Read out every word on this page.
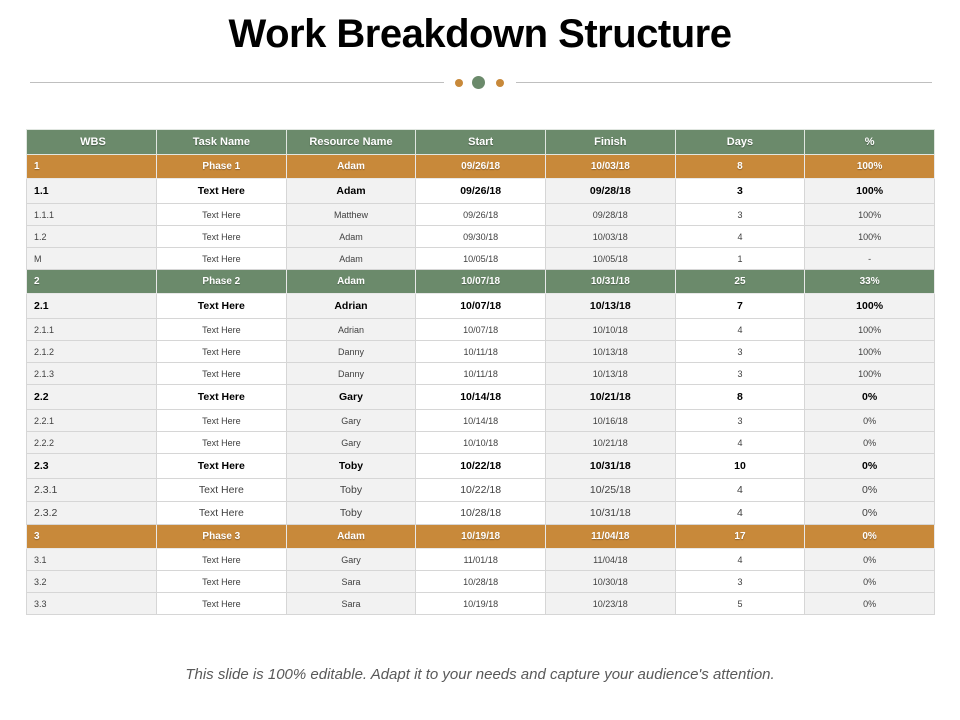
Work Breakdown Structure
WBS	Task Name	Resource Name	Start	Finish	Days	%
1	Phase 1	Adam	09/26/18	10/03/18	8	100%
1.1	Text Here	Adam	09/26/18	09/28/18	3	100%
1.1.1	Text Here	Matthew	09/26/18	09/28/18	3	100%
1.2	Text Here	Adam	09/30/18	10/03/18	4	100%
M	Text Here	Adam	10/05/18	10/05/18	1	-
2	Phase 2	Adam	10/07/18	10/31/18	25	33%
2.1	Text Here	Adrian	10/07/18	10/13/18	7	100%
2.1.1	Text Here	Adrian	10/07/18	10/10/18	4	100%
2.1.2	Text Here	Danny	10/11/18	10/13/18	3	100%
2.1.3	Text Here	Danny	10/11/18	10/13/18	3	100%
2.2	Text Here	Gary	10/14/18	10/21/18	8	0%
2.2.1	Text Here	Gary	10/14/18	10/16/18	3	0%
2.2.2	Text Here	Gary	10/10/18	10/21/18	4	0%
2.3	Text Here	Toby	10/22/18	10/31/18	10	0%
2.3.1	Text Here	Toby	10/22/18	10/25/18	4	0%
2.3.2	Text Here	Toby	10/28/18	10/31/18	4	0%
3	Phase 3	Adam	10/19/18	11/04/18	17	0%
3.1	Text Here	Gary	11/01/18	11/04/18	4	0%
3.2	Text Here	Sara	10/28/18	10/30/18	3	0%
3.3	Text Here	Sara	10/19/18	10/23/18	5	0%
This slide is 100% editable. Adapt it to your needs and capture your audience's attention.
